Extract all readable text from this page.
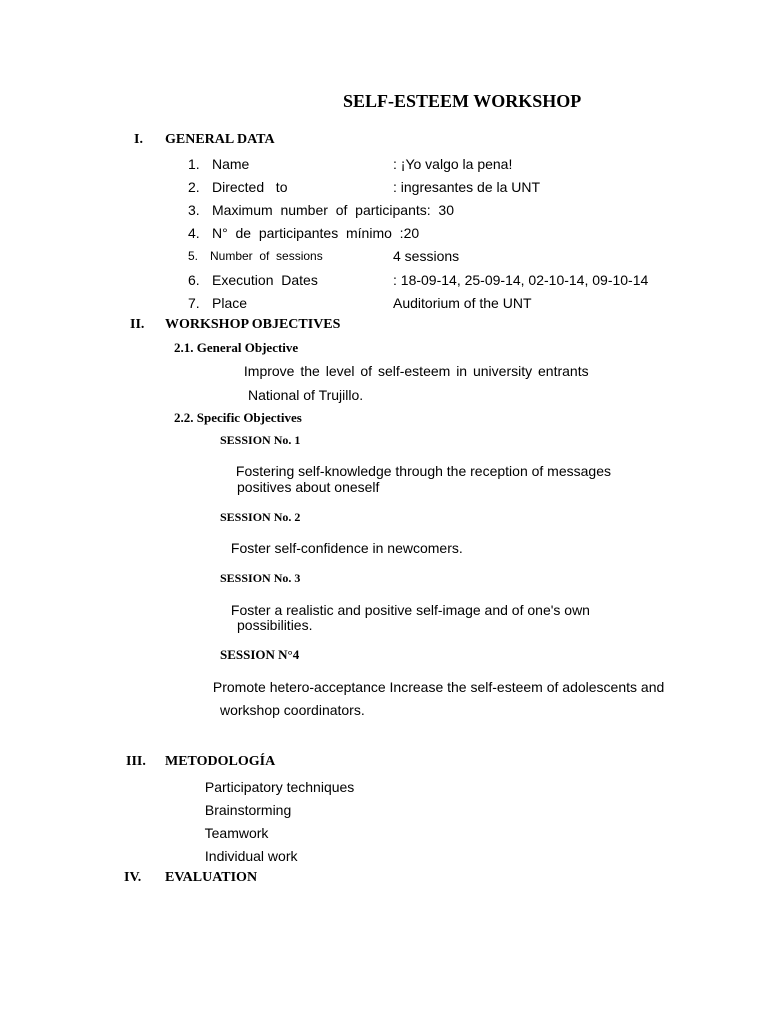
SELF-ESTEEM WORKSHOP
I. GENERAL DATA
1. Name	: ¡Yo valgo la pena!
2. Directed   to	: ingresantes de la UNT
3. Maximum  number  of  participants:  30
4. N°  de  participantes  mínimo  :20
5. Number  of  sessions	4 sessions
6. Execution  Dates	: 18-09-14, 25-09-14, 02-10-14, 09-10-14
7. Place	Auditorium of the UNT
II. WORKSHOP OBJECTIVES
2.1. General Objective
Improve the level of self-esteem in university entrants
National of Trujillo.
2.2. Specific Objectives
SESSION No. 1
Fostering self-knowledge through the reception of messages
positives about oneself
SESSION No. 2
Foster self-confidence in newcomers.
SESSION No. 3
Foster a realistic and positive self-image and of one's own
possibilities.
SESSION N°4
Promote hetero-acceptance Increase the self-esteem of adolescents and
workshop coordinators.
III. METODOLOGÍA
Participatory techniques
Brainstorming
Teamwork
Individual work
IV. EVALUATION
